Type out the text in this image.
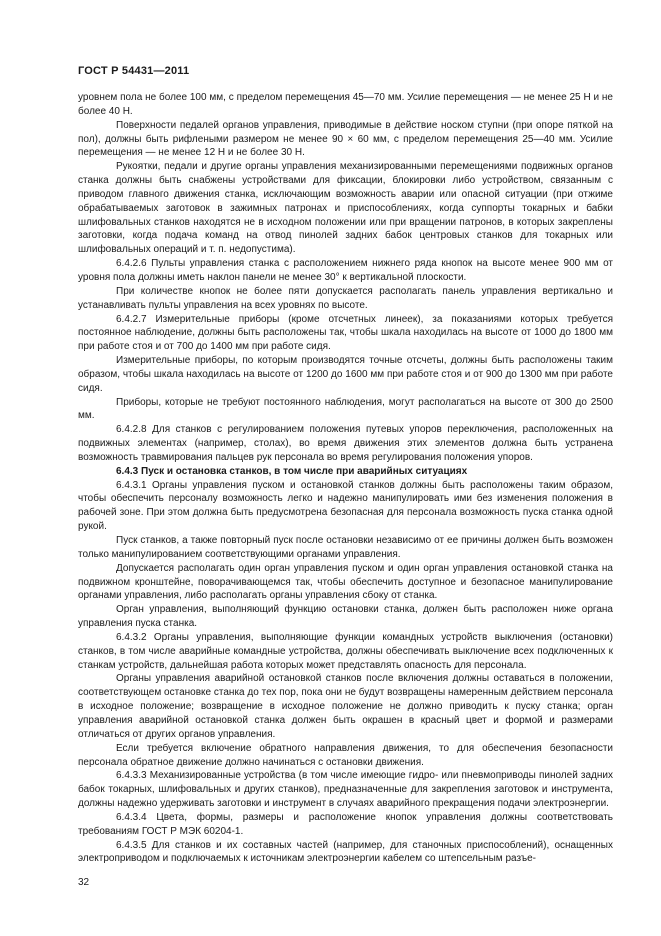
ГОСТ Р 54431—2011

уровнем пола не более 100 мм, с пределом перемещения 45—70 мм. Усилие перемещения — не менее 25 Н и не более 40 Н.

Поверхности педалей органов управления, приводимые в действие носком ступни (при опоре пяткой на пол), должны быть рифлеными размером не менее 90 × 60 мм, с пределом перемещения 25—40 мм. Усилие перемещения — не менее 12 Н и не более 30 Н.

Рукоятки, педали и другие органы управления механизированными перемещениями подвижных органов станка должны быть снабжены устройствами для фиксации, блокировки либо устройством, связанным с приводом главного движения станка, исключающим возможность аварии или опасной ситуации (при отжиме обрабатываемых заготовок в зажимных патронах и приспособлениях, когда суппорты токарных и бабки шлифовальных станков находятся не в исходном положении или при вращении патронов, в которых закреплены заготовки, когда подача команд на отвод пинолей задних бабок центровых станков для токарных или шлифовальных операций и т. п. недопустима).

6.4.2.6 Пульты управления станка с расположением нижнего ряда кнопок на высоте менее 900 мм от уровня пола должны иметь наклон панели не менее 30° к вертикальной плоскости.

При количестве кнопок не более пяти допускается располагать панель управления вертикально и устанавливать пульты управления на всех уровнях по высоте.

6.4.2.7 Измерительные приборы (кроме отсчетных линеек), за показаниями которых требуется постоянное наблюдение, должны быть расположены так, чтобы шкала находилась на высоте от 1000 до 1800 мм при работе стоя и от 700 до 1400 мм при работе сидя.

Измерительные приборы, по которым производятся точные отсчеты, должны быть расположены таким образом, чтобы шкала находилась на высоте от 1200 до 1600 мм при работе стоя и от 900 до 1300 мм при работе сидя.

Приборы, которые не требуют постоянного наблюдения, могут располагаться на высоте от 300 до 2500 мм.

6.4.2.8 Для станков с регулированием положения путевых упоров переключения, расположенных на подвижных элементах (например, столах), во время движения этих элементов должна быть устранена возможность травмирования пальцев рук персонала во время регулирования положения упоров.

6.4.3 Пуск и остановка станков, в том числе при аварийных ситуациях

6.4.3.1 Органы управления пуском и остановкой станков должны быть расположены таким образом, чтобы обеспечить персоналу возможность легко и надежно манипулировать ими без изменения положения в рабочей зоне. При этом должна быть предусмотрена безопасная для персонала возможность пуска станка одной рукой.

Пуск станков, а также повторный пуск после остановки независимо от ее причины должен быть возможен только манипулированием соответствующими органами управления.

Допускается располагать один орган управления пуском и один орган управления остановкой станка на подвижном кронштейне, поворачивающемся так, чтобы обеспечить доступное и безопасное манипулирование органами управления, либо располагать органы управления сбоку от станка.

Орган управления, выполняющий функцию остановки станка, должен быть расположен ниже органа управления пуска станка.

6.4.3.2 Органы управления, выполняющие функции командных устройств выключения (остановки) станков, в том числе аварийные командные устройства, должны обеспечивать выключение всех подключенных к станкам устройств, дальнейшая работа которых может представлять опасность для персонала.

Органы управления аварийной остановкой станков после включения должны оставаться в положении, соответствующем остановке станка до тех пор, пока они не будут возвращены намеренным действием персонала в исходное положение; возвращение в исходное положение не должно приводить к пуску станка; орган управления аварийной остановкой станка должен быть окрашен в красный цвет и формой и размерами отличаться от других органов управления.

Если требуется включение обратного направления движения, то для обеспечения безопасности персонала обратное движение должно начинаться с остановки движения.

6.4.3.3 Механизированные устройства (в том числе имеющие гидро- или пневмоприводы пинолей задних бабок токарных, шлифовальных и других станков), предназначенные для закрепления заготовок и инструмента, должны надежно удерживать заготовки и инструмент в случаях аварийного прекращения подачи электроэнергии.

6.4.3.4 Цвета, формы, размеры и расположение кнопок управления должны соответствовать требованиям ГОСТ Р МЭК 60204-1.

6.4.3.5 Для станков и их составных частей (например, для станочных приспособлений), оснащенных электроприводом и подключаемых к источникам электроэнергии кабелем со штепсельным разъе-

32
